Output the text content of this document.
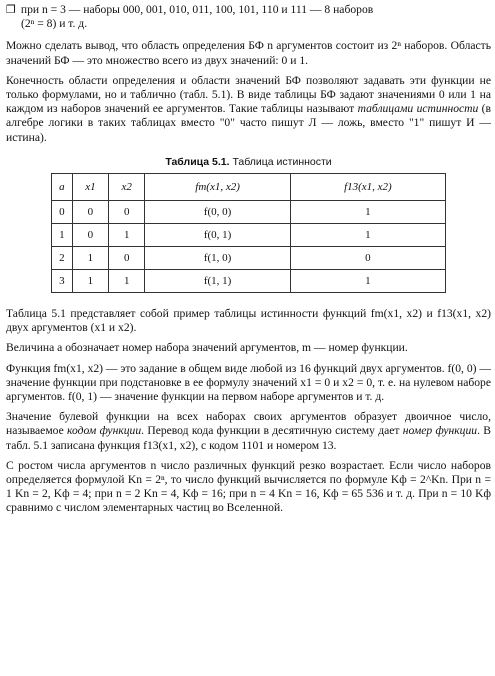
❐ при n = 3 — наборы 000, 001, 010, 011, 100, 101, 110 и 111 — 8 наборов
(2ⁿ = 8) и т. д.

Можно сделать вывод, что область определения БФ n аргументов состоит из 2ⁿ наборов. Область значений БФ — это множество всего из двух значений: 0 и 1.

Конечность области определения и области значений БФ позволяют задавать эти функции не только формулами, но и таблично (табл. 5.1). В виде таблицы БФ задают значениями 0 или 1 на каждом из наборов значений ее аргументов. Такие таблицы называют таблицами истинности (в алгебре логики в таких таблицах вместо "0" часто пишут Л — ложь, вместо "1" пишут И — истина).

Таблица 5.1. Таблица истинности
a	x1	x2	fm(x1, x2)	f13(x1, x2)
0	0	0	f(0, 0)	1
1	0	1	f(0, 1)	1
2	1	0	f(1, 0)	0
3	1	1	f(1, 1)	1

Таблица 5.1 представляет собой пример таблицы истинности функций fm(x1, x2) и f13(x1, x2) двух аргументов (x1 и x2).

Величина a обозначает номер набора значений аргументов, m — номер функции.

Функция fm(x1, x2) — это задание в общем виде любой из 16 функций двух аргументов. f(0, 0) — значение функции при подстановке в ее формулу значений x1 = 0 и x2 = 0, т. е. на нулевом наборе аргументов. f(0, 1) — значение функции на первом наборе аргументов и т. д.

Значение булевой функции на всех наборах своих аргументов образует двоичное число, называемое кодом функции. Перевод кода функции в десятичную систему дает номер функции. В табл. 5.1 записана функция f13(x1, x2), с кодом 1101 и номером 13.

С ростом числа аргументов n число различных функций резко возрастает. Если число наборов определяется формулой Kn = 2ⁿ, то число функций вычисляется по формуле Kф = 2^Kn. При n = 1 Kn = 2, Kф = 4; при n = 2 Kn = 4, Kф = 16; при n = 4 Kn = 16, Kф = 65 536 и т. д. При n = 10 Kф сравнимо с числом элементарных частиц во Вселенной.
